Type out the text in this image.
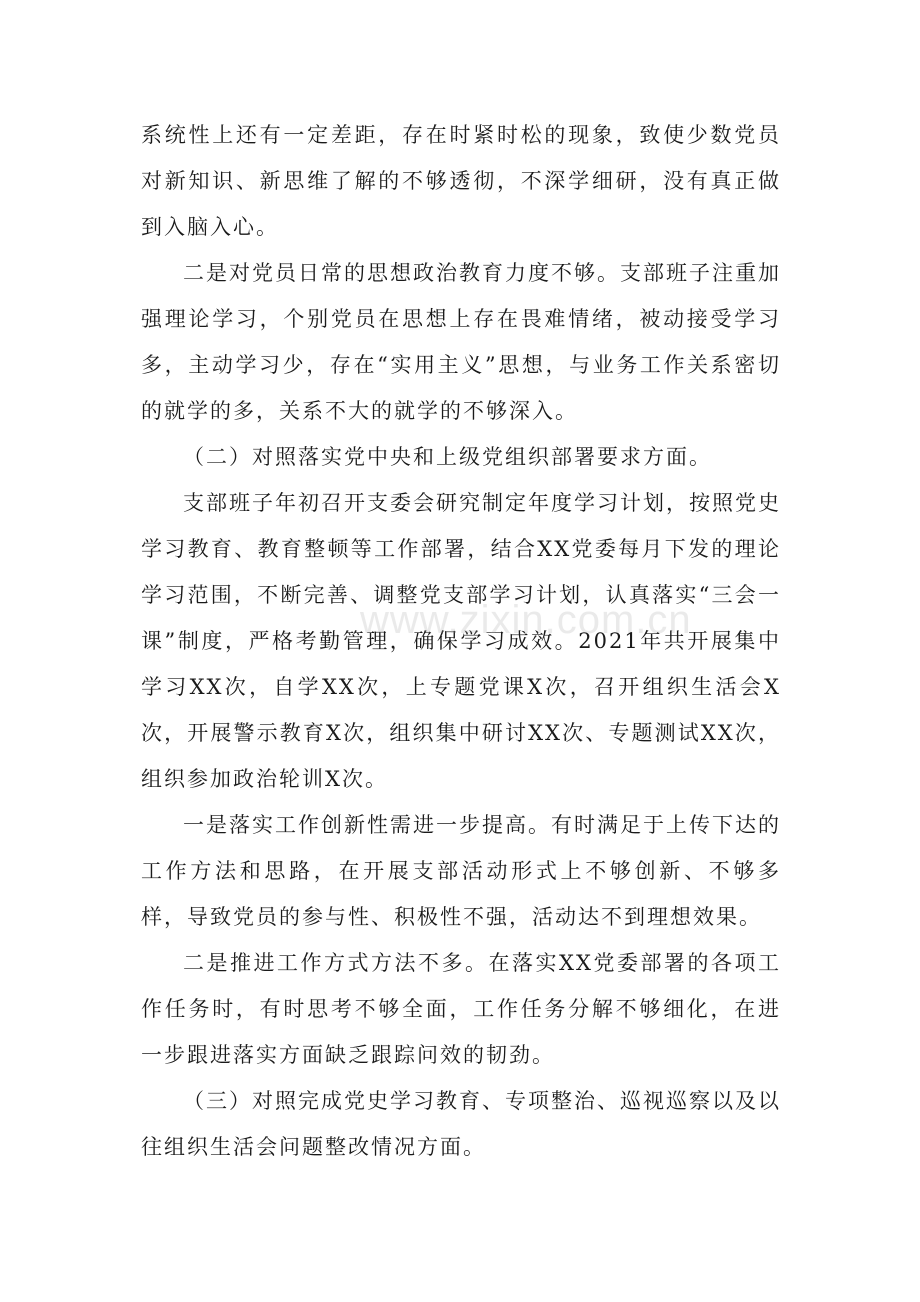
系统性上还有一定差距，存在时紧时松的现象，致使少数党员对新知识、新思维了解的不够透彻，不深学细研，没有真正做到入脑入心。

二是对党员日常的思想政治教育力度不够。支部班子注重加强理论学习，个别党员在思想上存在畏难情绪，被动接受学习多，主动学习少，存在“实用主义”思想，与业务工作关系密切的就学的多，关系不大的就学的不够深入。

（二）对照落实党中央和上级党组织部署要求方面。

支部班子年初召开支委会研究制定年度学习计划，按照党史学习教育、教育整顿等工作部署，结合XX党委每月下发的理论学习范围，不断完善、调整党支部学习计划，认真落实“三会一课”制度，严格考勤管理，确保学习成效。2021年共开展集中学习XX次，自学XX次，上专题党课X次，召开组织生活会X次，开展警示教育X次，组织集中研讨XX次、专题测试XX次，组织参加政治轮训X次。

一是落实工作创新性需进一步提高。有时满足于上传下达的工作方法和思路，在开展支部活动形式上不够创新、不够多样，导致党员的参与性、积极性不强，活动达不到理想效果。

二是推进工作方式方法不多。在落实XX党委部署的各项工作任务时，有时思考不够全面，工作任务分解不够细化，在进一步跟进落实方面缺乏跟踪问效的韧劲。

（三）对照完成党史学习教育、专项整治、巡视巡察以及以往组织生活会问题整改情况方面。

www.zixin.com.cn
